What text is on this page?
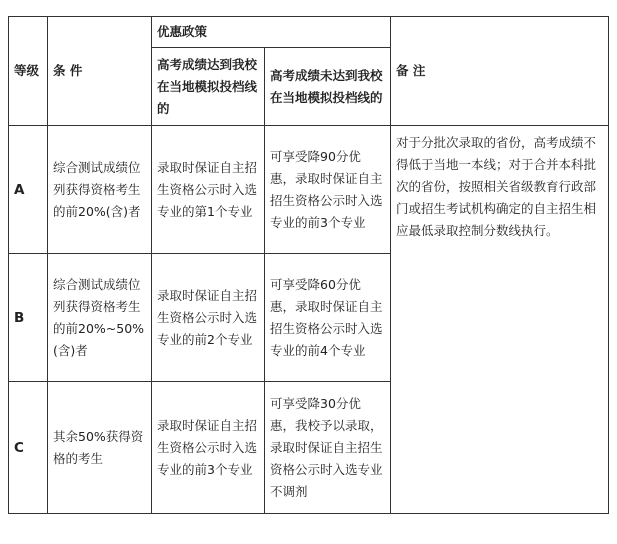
等级	条 件	优惠政策		备 注
		高考成绩达到我校在当地模拟投档线的	高考成绩未达到我校在当地模拟投档线的	
A	综合测试成绩位列获得资格考生的前20%(含)者	录取时保证自主招生资格公示时入选专业的第1个专业	可享受降90分优惠，录取时保证自主招生资格公示时入选专业的前3个专业	对于分批次录取的省份，高考成绩不得低于当地一本线；对于合并本科批次的省份，按照相关省级教育行政部门或招生考试机构确定的自主招生相应最低录取控制分数线执行。
B	综合测试成绩位列获得资格考生的前20%~50%(含)者	录取时保证自主招生资格公示时入选专业的前2个专业	可享受降60分优惠，录取时保证自主招生资格公示时入选专业的前4个专业	
C	其余50%获得资格的考生	录取时保证自主招生资格公示时入选专业的前3个专业	可享受降30分优惠，我校予以录取，录取时保证自主招生资格公示时入选专业不调剂	
